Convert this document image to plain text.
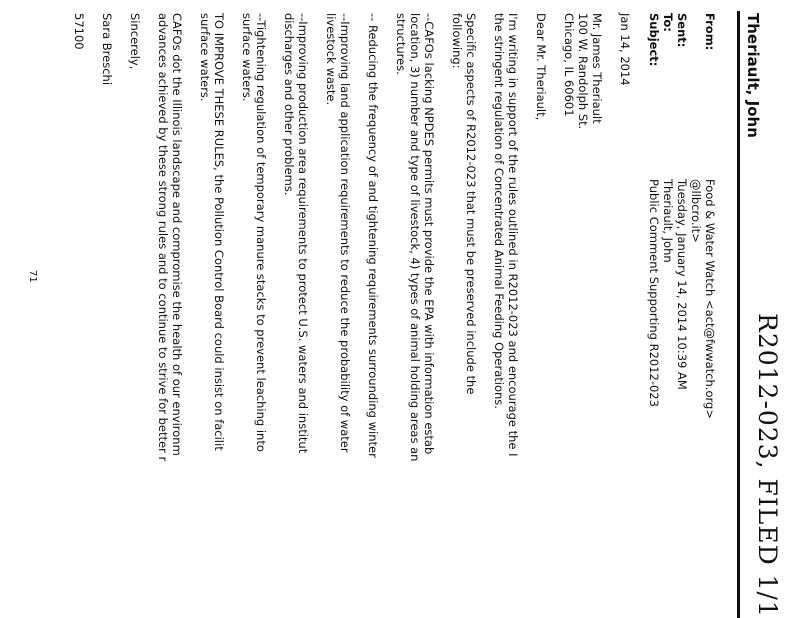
R2012-023, FILED 1/1
Theriault, John
From:
Food & Water Watch <act@fwwatch.org>
@llbcro.it>
Sent:
Tuesday, January 14, 2014 10:39 AM
To:
Theriault, John
Subject:
Public Comment Supporting R2012-023

Jan 14, 2014

Mr. James Theriault

100 W. Randolph St.

Chicago, IL 60601

Dear Mr. Theriault,

I'm writing in support of the rules outlined in R2012-023 and encourage the I

the stringent regulation of Concentrated Animal Feeding Operations.

Specific aspects of R2012-023 that must be preserved include the

following:

--CAFOs lacking NPDES permits must provide the EPA with information estab

location, 3) number and type of livestock, 4) types of animal holding areas an

structures.

-- Reducing the frequency of and tightening requirements surrounding winter

--Improving land application requirements to reduce the probability of water

livestock waste.

--Improving production area requirements to protect U.S. waters and institut

discharges and other problems.

--Tightening regulation of temporary manure stacks to prevent leaching into

surface waters.

TO IMPROVE THESE RULES, the Pollution Control Board could insist on facilit

surface waters.

CAFOs dot the Illinois landscape and compromise the health of our environm

advances achieved by these strong rules and to continue to strive for better r

Sincerely,

Sara Breschi

57100

71
